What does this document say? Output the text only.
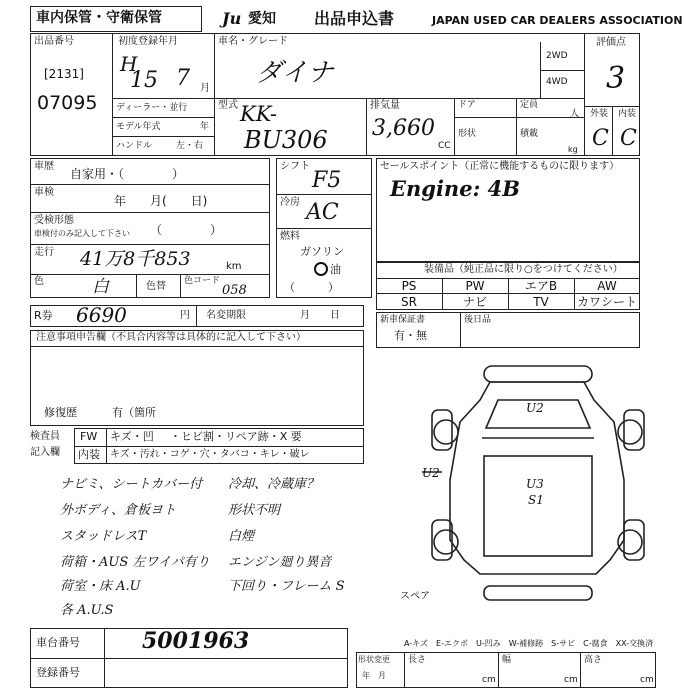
車内保管・守衛保管	Ju 愛知 出品申込書	JAPAN USED CAR DEALERS ASSOCIATION
出品番号
[2131]
07095
初度登録年月
H
15 7 月
車名・グレード
ダイナ
ディーラー・並行
モデル年式	年
ハンドル	左・右
型式 KK-
BU306
2WD
4WD
排気量
3,660
CC
ドア	定員
人
形状	積載
kg
評価点
3
外装 内装
C C
車歴
自家用・（　　　　）
車検
年　　月(　　日)
受検形態
車検付のみ記入して下さい （　　　　）
走行 41万8千853	km
色	白	色替 色コード
058
シフト
F5
冷房 AC
燃料
ガソリン
油
（　　　）
セールスポイント（正常に機能するものに限ります）
Engine: 4B
装備品（純正品に限り○をつけてください）
PS	PW	エアB	AW
SR	ナビ	TV	カワシート
新車保証書
有・無
後日品
R券 6690	円 名変期限	月　　日
注意事項申告欄（不具合内容等は具体的に記入して下さい）
修復歴	有（箇所
検査員
記入欄
FW キズ・凹 ・ヒビ割・リペア跡・X 要
内装 キズ・汚れ・コゲ・穴・タバコ・キレ・破レ
ナビミ、シートカバー付 冷却、冷蔵庫？
外ボディ、倉板ヨト	形状不明
スタッドレスT	白煙
荷箱・AUS 左ワイパ有り エンジン廻り異音
荷室・床 A.U	下回り・フレーム S
各 A.U.S
U2
U2
U3
S1
スペア
A-キズ　E-エクボ　U-凹み　W-補修跡　S-サビ　C-腐食　XX-交換済
車台番号	5001963
登録番号
形状変更
年　月
長さ
cm
幅
cm
高さ
cm
